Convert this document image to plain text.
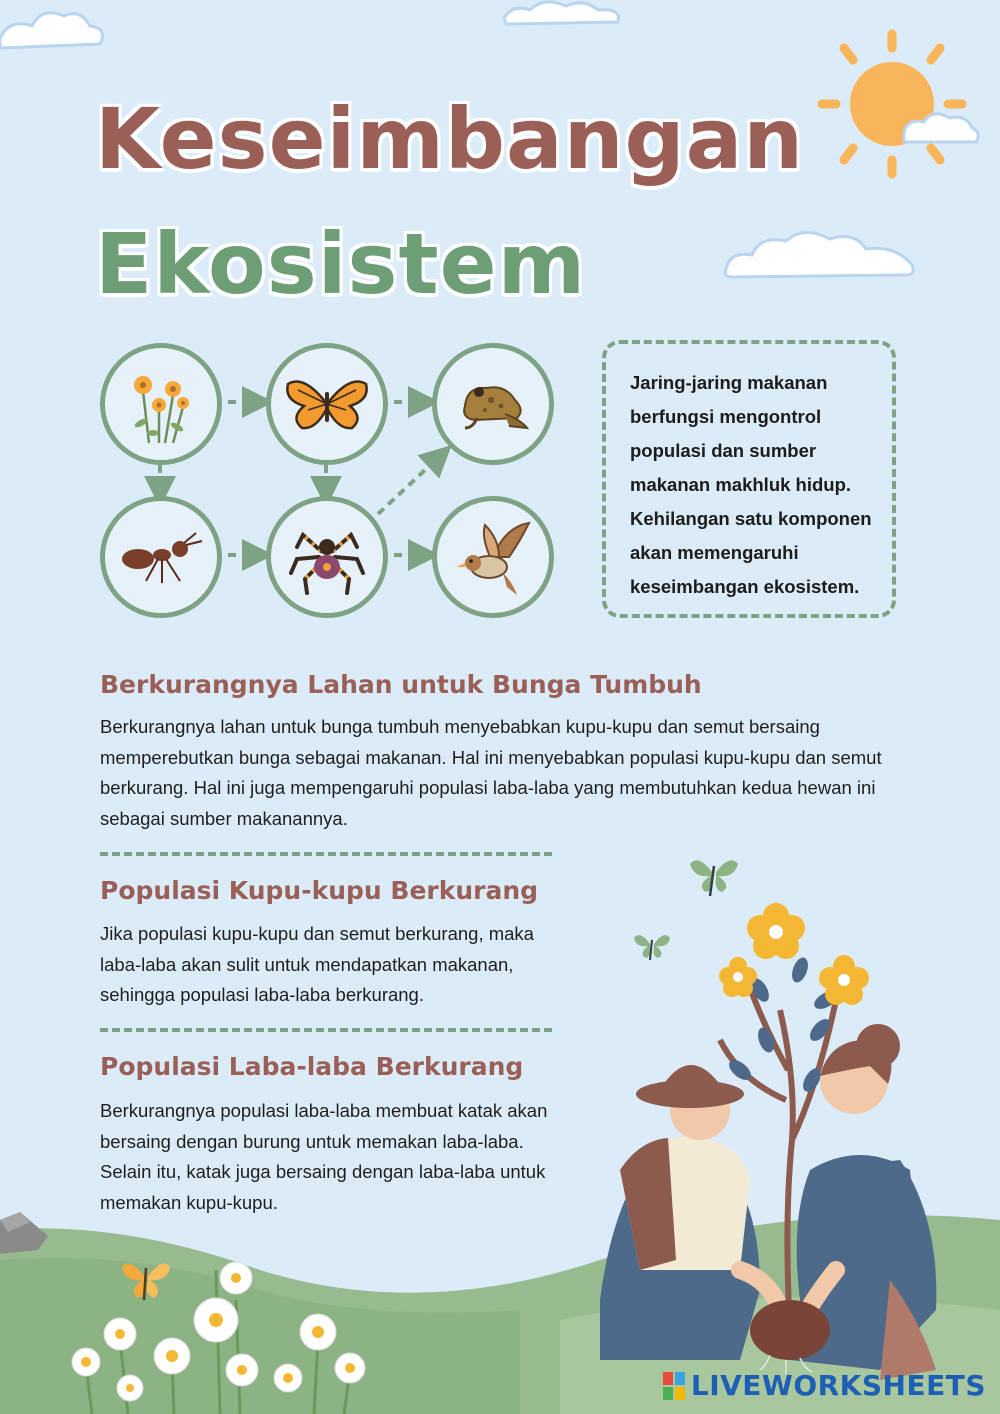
Keseimbangan
Ekosistem

Jaring-jaring makanan berfungsi mengontrol populasi dan sumber makanan makhluk hidup. Kehilangan satu komponen akan memengaruhi keseimbangan ekosistem.

Berkurangnya Lahan untuk Bunga Tumbuh

Berkurangnya lahan untuk bunga tumbuh menyebabkan kupu-kupu dan semut bersaing memperebutkan bunga sebagai makanan. Hal ini menyebabkan populasi kupu-kupu dan semut berkurang. Hal ini juga mempengaruhi populasi laba-laba yang membutuhkan kedua hewan ini sebagai sumber makanannya.

Populasi Kupu-kupu Berkurang

Jika populasi kupu-kupu dan semut berkurang, maka laba-laba akan sulit untuk mendapatkan makanan, sehingga populasi laba-laba berkurang.

Populasi Laba-laba Berkurang

Berkurangnya populasi laba-laba membuat katak akan bersaing dengan burung untuk memakan laba-laba. Selain itu, katak juga bersaing dengan laba-laba untuk memakan kupu-kupu.

LIVEWORKSHEETS
